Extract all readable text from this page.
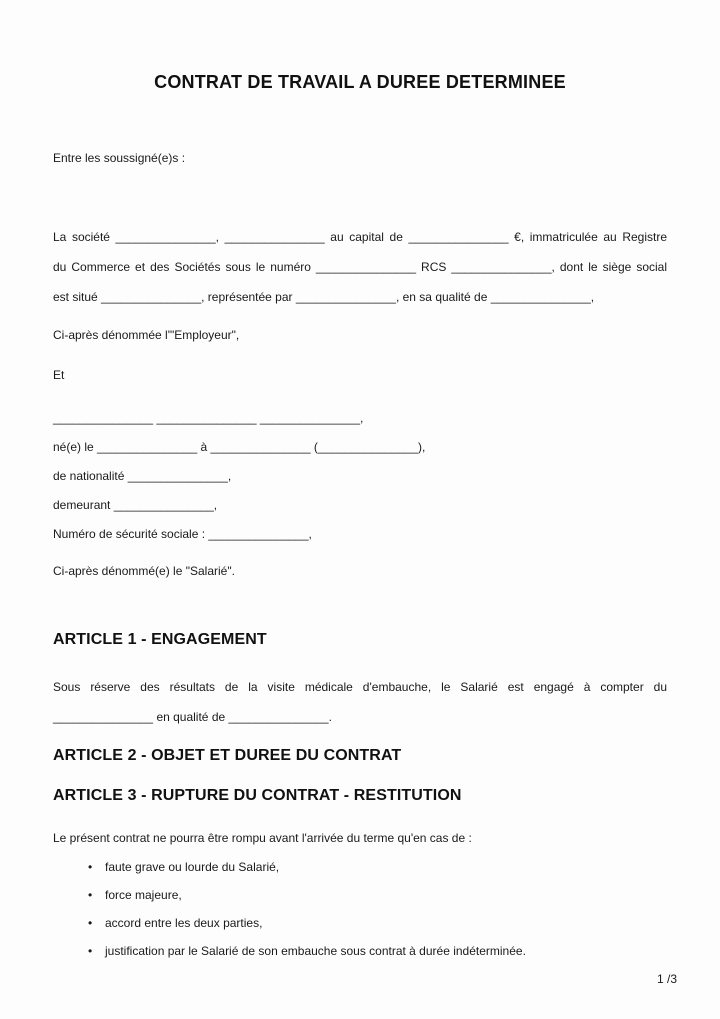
CONTRAT DE TRAVAIL A DUREE DETERMINEE
Entre les soussigné(e)s :
La société _______________, _______________ au capital de _______________ €, immatriculée au Registre
du Commerce et des Sociétés sous le numéro _______________ RCS _______________, dont le siège social
est situé _______________, représentée par _______________, en sa qualité de _______________,
Ci-après dénommée l'"Employeur",
Et
_______________ _______________ _______________,
né(e) le _______________ à _______________ (_______________),
de nationalité _______________,
demeurant _______________,
Numéro de sécurité sociale : _______________,
Ci-après dénommé(e) le "Salarié".
ARTICLE 1 - ENGAGEMENT
Sous réserve des résultats de la visite médicale d'embauche, le Salarié est engagé à compter du
_______________ en qualité de _______________.
ARTICLE 2 - OBJET ET DUREE DU CONTRAT
ARTICLE 3 - RUPTURE DU CONTRAT - RESTITUTION
Le présent contrat ne pourra être rompu avant l'arrivée du terme qu'en cas de :
• faute grave ou lourde du Salarié,
• force majeure,
• accord entre les deux parties,
• justification par le Salarié de son embauche sous contrat à durée indéterminée.
1 /3
